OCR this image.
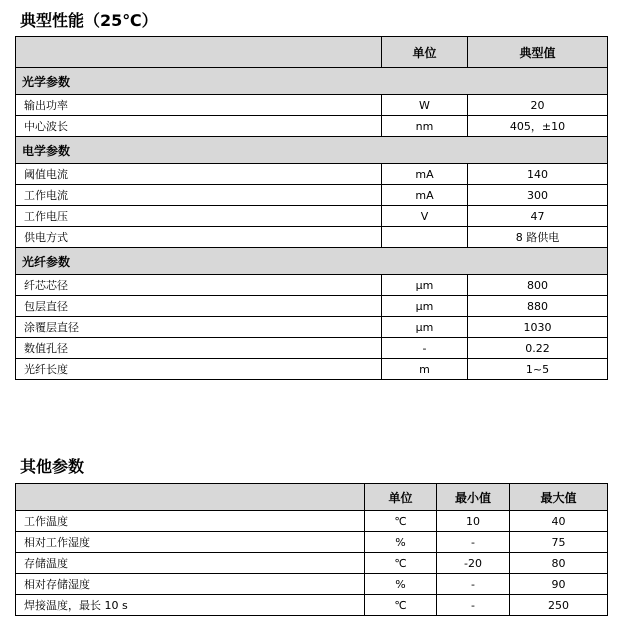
典型性能（25℃）
	单位	典型值
光学参数		
输出功率	W	20
中心波长	nm	405，±10
电学参数		
阈值电流	mA	140
工作电流	mA	300
工作电压	V	47
供电方式		8 路供电
光纤参数		
纤芯芯径	μm	800
包层直径	μm	880
涂覆层直径	μm	1030
数值孔径	-	0.22
光纤长度	m	1~5
其他参数
	单位	最小值	最大值
工作温度	℃	10	40
相对工作湿度	%	-	75
存储温度	℃	-20	80
相对存储湿度	%	-	90
焊接温度，最长 10 s	℃	-	250
